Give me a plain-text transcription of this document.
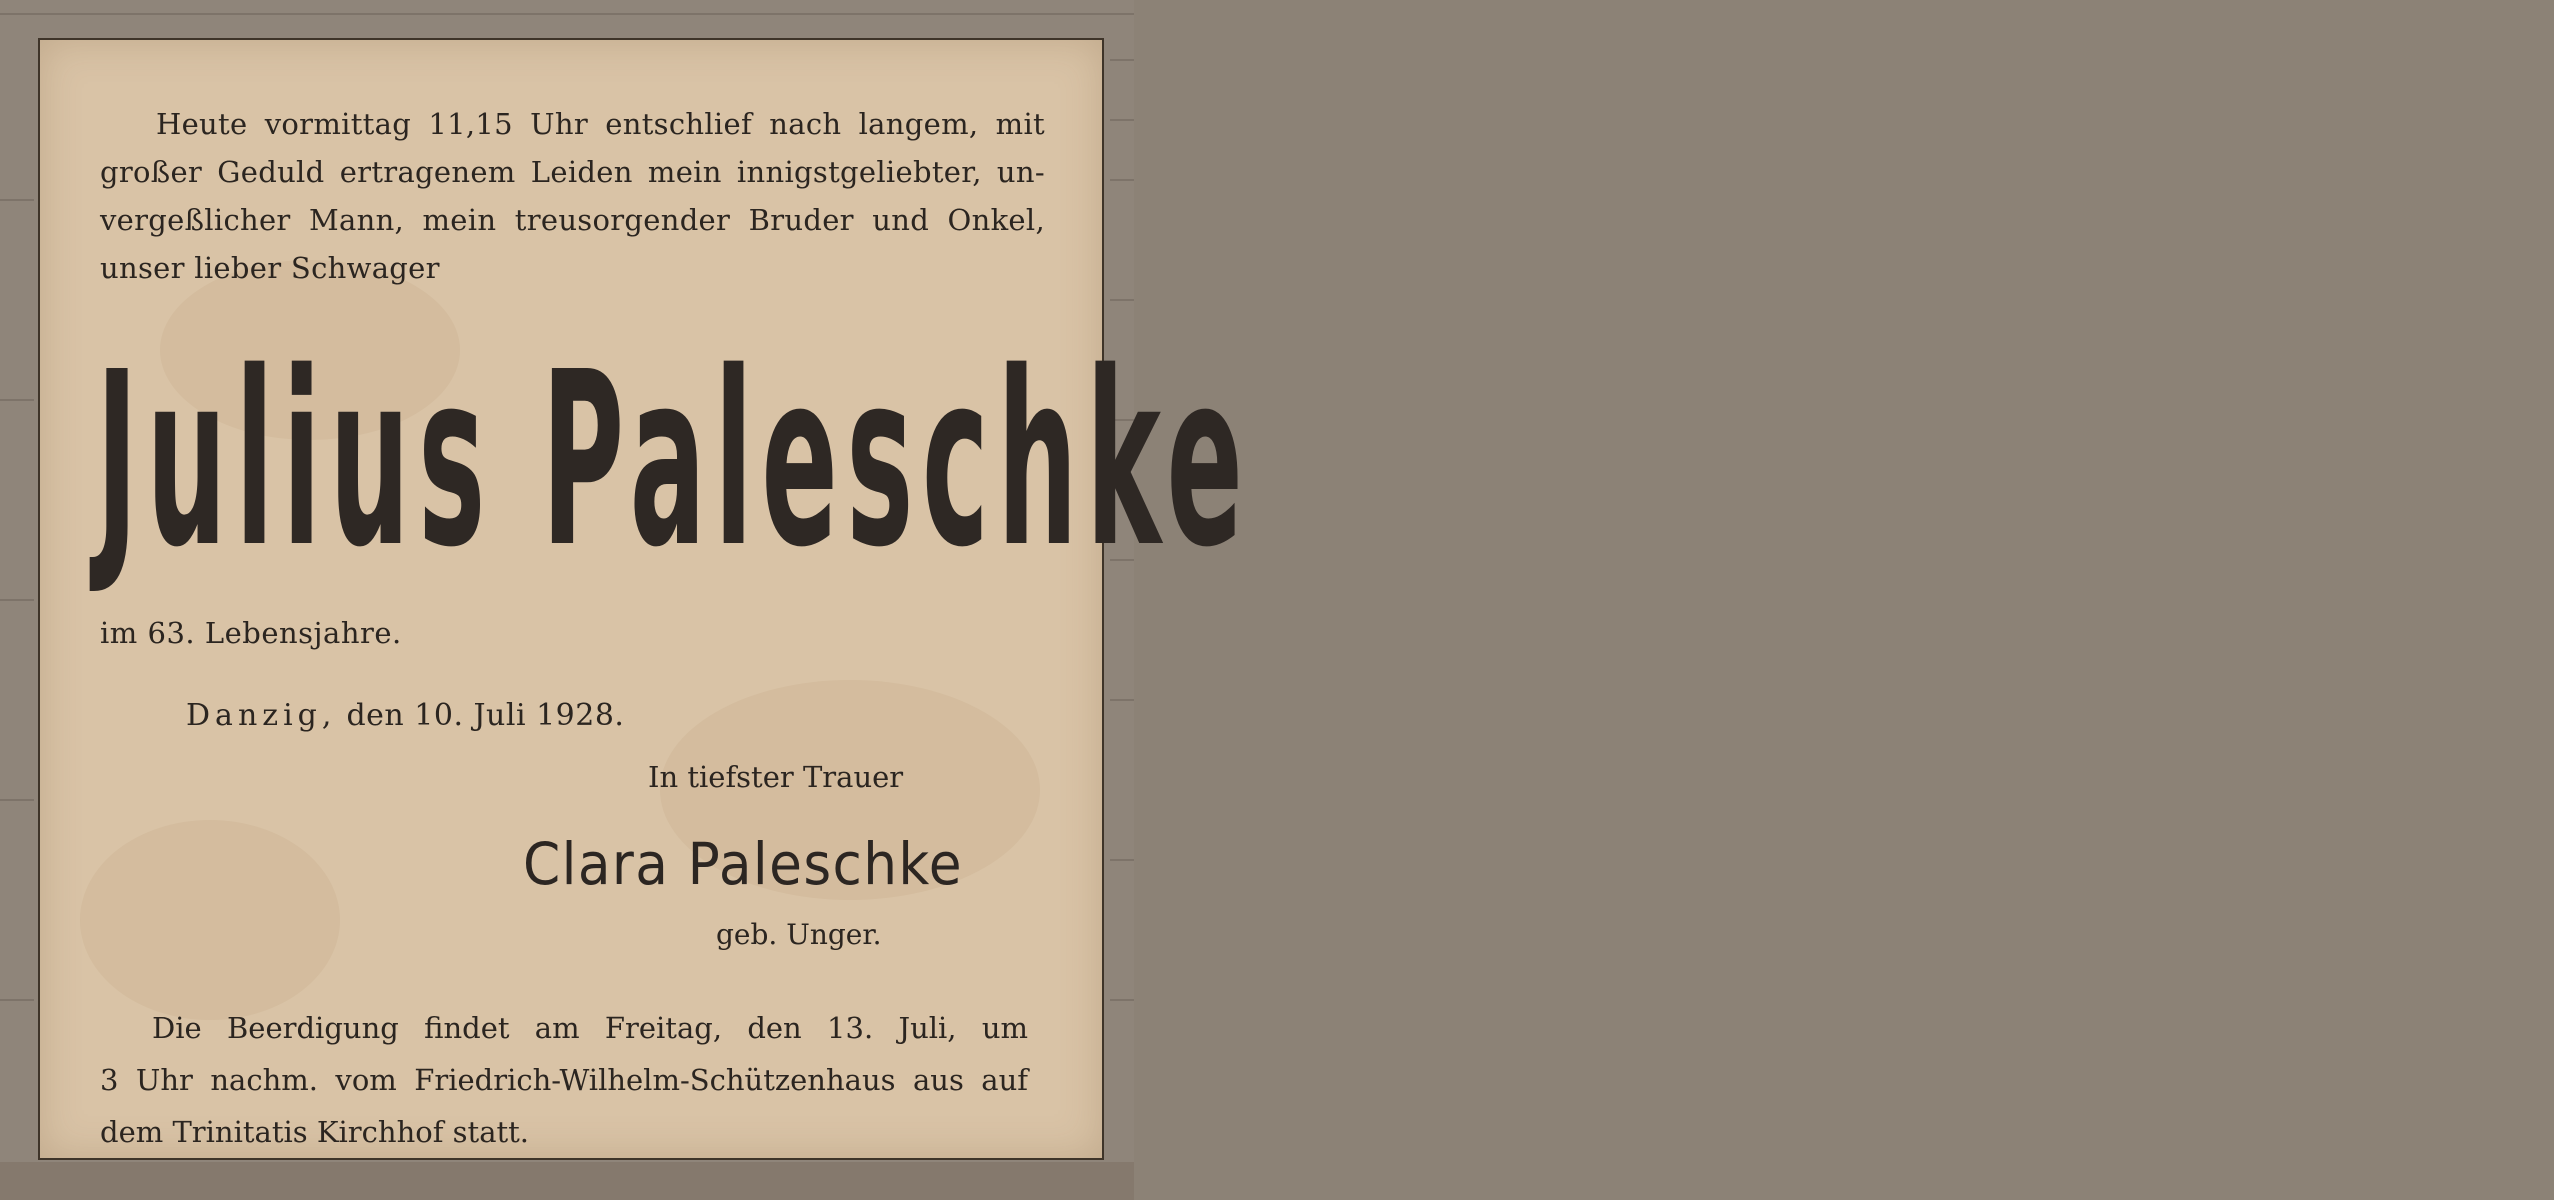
Heute vormittag 11,15 Uhr entschlief nach langem, mit
großer Geduld ertragenem Leiden mein innigstgeliebter, un-
vergeßlicher Mann, mein treusorgender Bruder und Onkel,
unser lieber Schwager
Julius Paleschke

im 63. Lebensjahre.

Danzig, den 10. Juli 1928.

In tiefster Trauer

Clara Paleschke

geb. Unger.

Die Beerdigung findet am Freitag, den 13. Juli, um
3 Uhr nachm. vom Friedrich-Wilhelm-Schützenhaus aus auf
dem Trinitatis Kirchhof statt.
